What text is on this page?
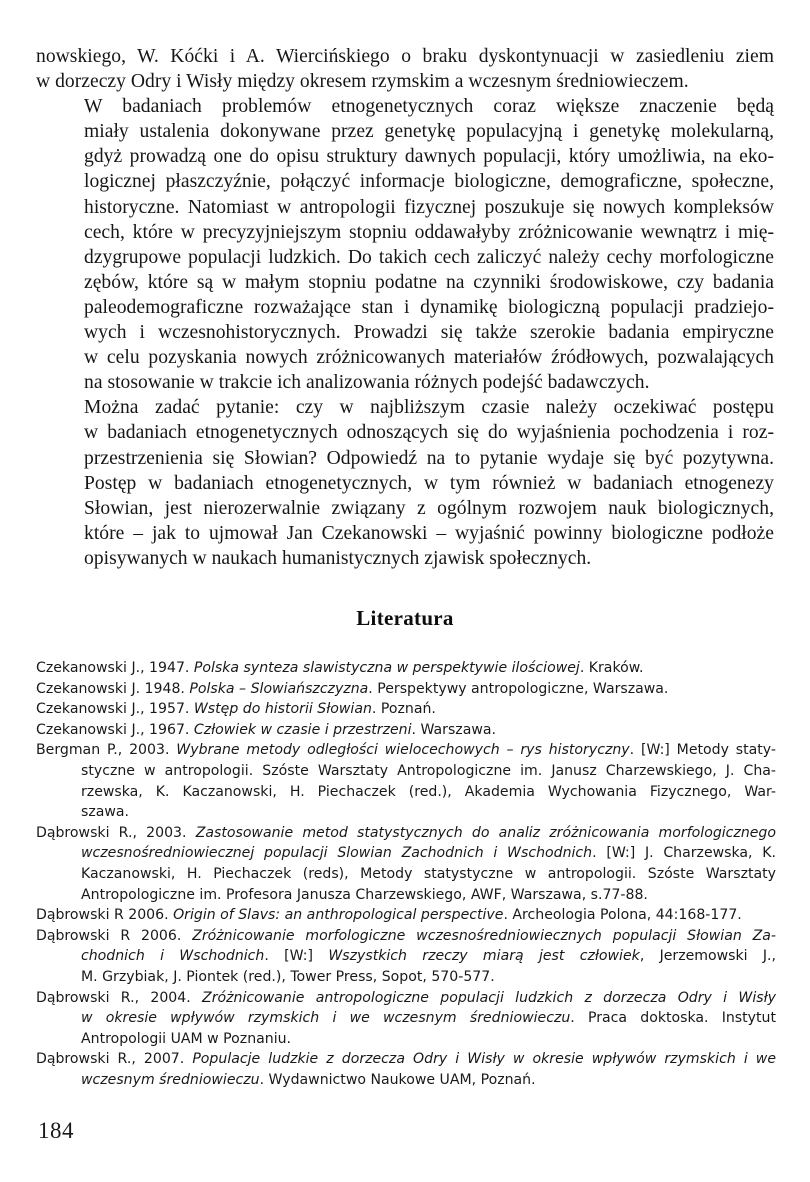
nowskiego, W. Kóćki i A. Wiercińskiego o braku dyskontynuacji w zasiedleniu ziem
w dorzeczy Odry i Wisły między okresem rzymskim a wczesnym średniowieczem.

W badaniach problemów etnogenetycznych coraz większe znaczenie będą
miały ustalenia dokonywane przez genetykę populacyjną i genetykę molekularną,
gdyż prowadzą one do opisu struktury dawnych populacji, który umożliwia, na eko-
logicznej płaszczyźnie, połączyć informacje biologiczne, demograficzne, społeczne,
historyczne. Natomiast w antropologii fizycznej poszukuje się nowych kompleksów
cech, które w precyzyjniejszym stopniu oddawałyby zróżnicowanie wewnątrz i mię-
dzygrupowe populacji ludzkich. Do takich cech zaliczyć należy cechy morfologiczne
zębów, które są w małym stopniu podatne na czynniki środowiskowe, czy badania
paleodemograficzne rozważające stan i dynamikę biologiczną populacji pradziejo-
wych i wczesnohistorycznych. Prowadzi się także szerokie badania empiryczne
w celu pozyskania nowych zróżnicowanych materiałów źródłowych, pozwalających
na stosowanie w trakcie ich analizowania różnych podejść badawczych.

Można zadać pytanie: czy w najbliższym czasie należy oczekiwać postępu
w badaniach etnogenetycznych odnoszących się do wyjaśnienia pochodzenia i roz-
przestrzenienia się Słowian? Odpowiedź na to pytanie wydaje się być pozytywna.
Postęp w badaniach etnogenetycznych, w tym również w badaniach etnogenezy
Słowian, jest nierozerwalnie związany z ogólnym rozwojem nauk biologicznych,
które – jak to ujmował Jan Czekanowski – wyjaśnić powinny biologiczne podłoże
opisywanych w naukach humanistycznych zjawisk społecznych.

Literatura
Czekanowski J., 1947. Polska synteza slawistyczna w perspektywie ilościowej. Kraków.
Czekanowski J. 1948. Polska – Slowiańszczyzna. Perspektywy antropologiczne, Warszawa.
Czekanowski J., 1957. Wstęp do historii Słowian. Poznań.
Czekanowski J., 1967. Człowiek w czasie i przestrzeni. Warszawa.
Bergman P., 2003. Wybrane metody odległości wielocechowych – rys historyczny. [W:] Metody staty-
styczne w antropologii. Szóste Warsztaty Antropologiczne im. Janusz Charzewskiego, J. Cha-
rzewska, K. Kaczanowski, H. Piechaczek (red.), Akademia Wychowania Fizycznego, War-
szawa.
Dąbrowski R., 2003. Zastosowanie metod statystycznych do analiz zróżnicowania morfologicznego
wczesnośredniowiecznej populacji Slowian Zachodnich i Wschodnich. [W:] J. Charzewska, K.
Kaczanowski, H. Piechaczek (reds), Metody statystyczne w antropologii. Szóste Warsztaty
Antropologiczne im. Profesora Janusza Charzewskiego, AWF, Warszawa, s.77-88.
Dąbrowski R 2006. Origin of Slavs: an anthropological perspective. Archeologia Polona, 44:168-177.
Dąbrowski R 2006. Zróżnicowanie morfologiczne wczesnośredniowiecznych populacji Słowian Za-
chodnich i Wschodnich. [W:] Wszystkich rzeczy miarą jest człowiek, Jerzemowski J.,
M. Grzybiak, J. Piontek (red.), Tower Press, Sopot, 570-577.
Dąbrowski R., 2004. Zróżnicowanie antropologiczne populacji ludzkich z dorzecza Odry i Wisły
w okresie wpływów rzymskich i we wczesnym średniowieczu. Praca doktoska. Instytut
Antropologii UAM w Poznaniu.
Dąbrowski R., 2007. Populacje ludzkie z dorzecza Odry i Wisły w okresie wpływów rzymskich i we
wczesnym średniowieczu. Wydawnictwo Naukowe UAM, Poznań.
184
